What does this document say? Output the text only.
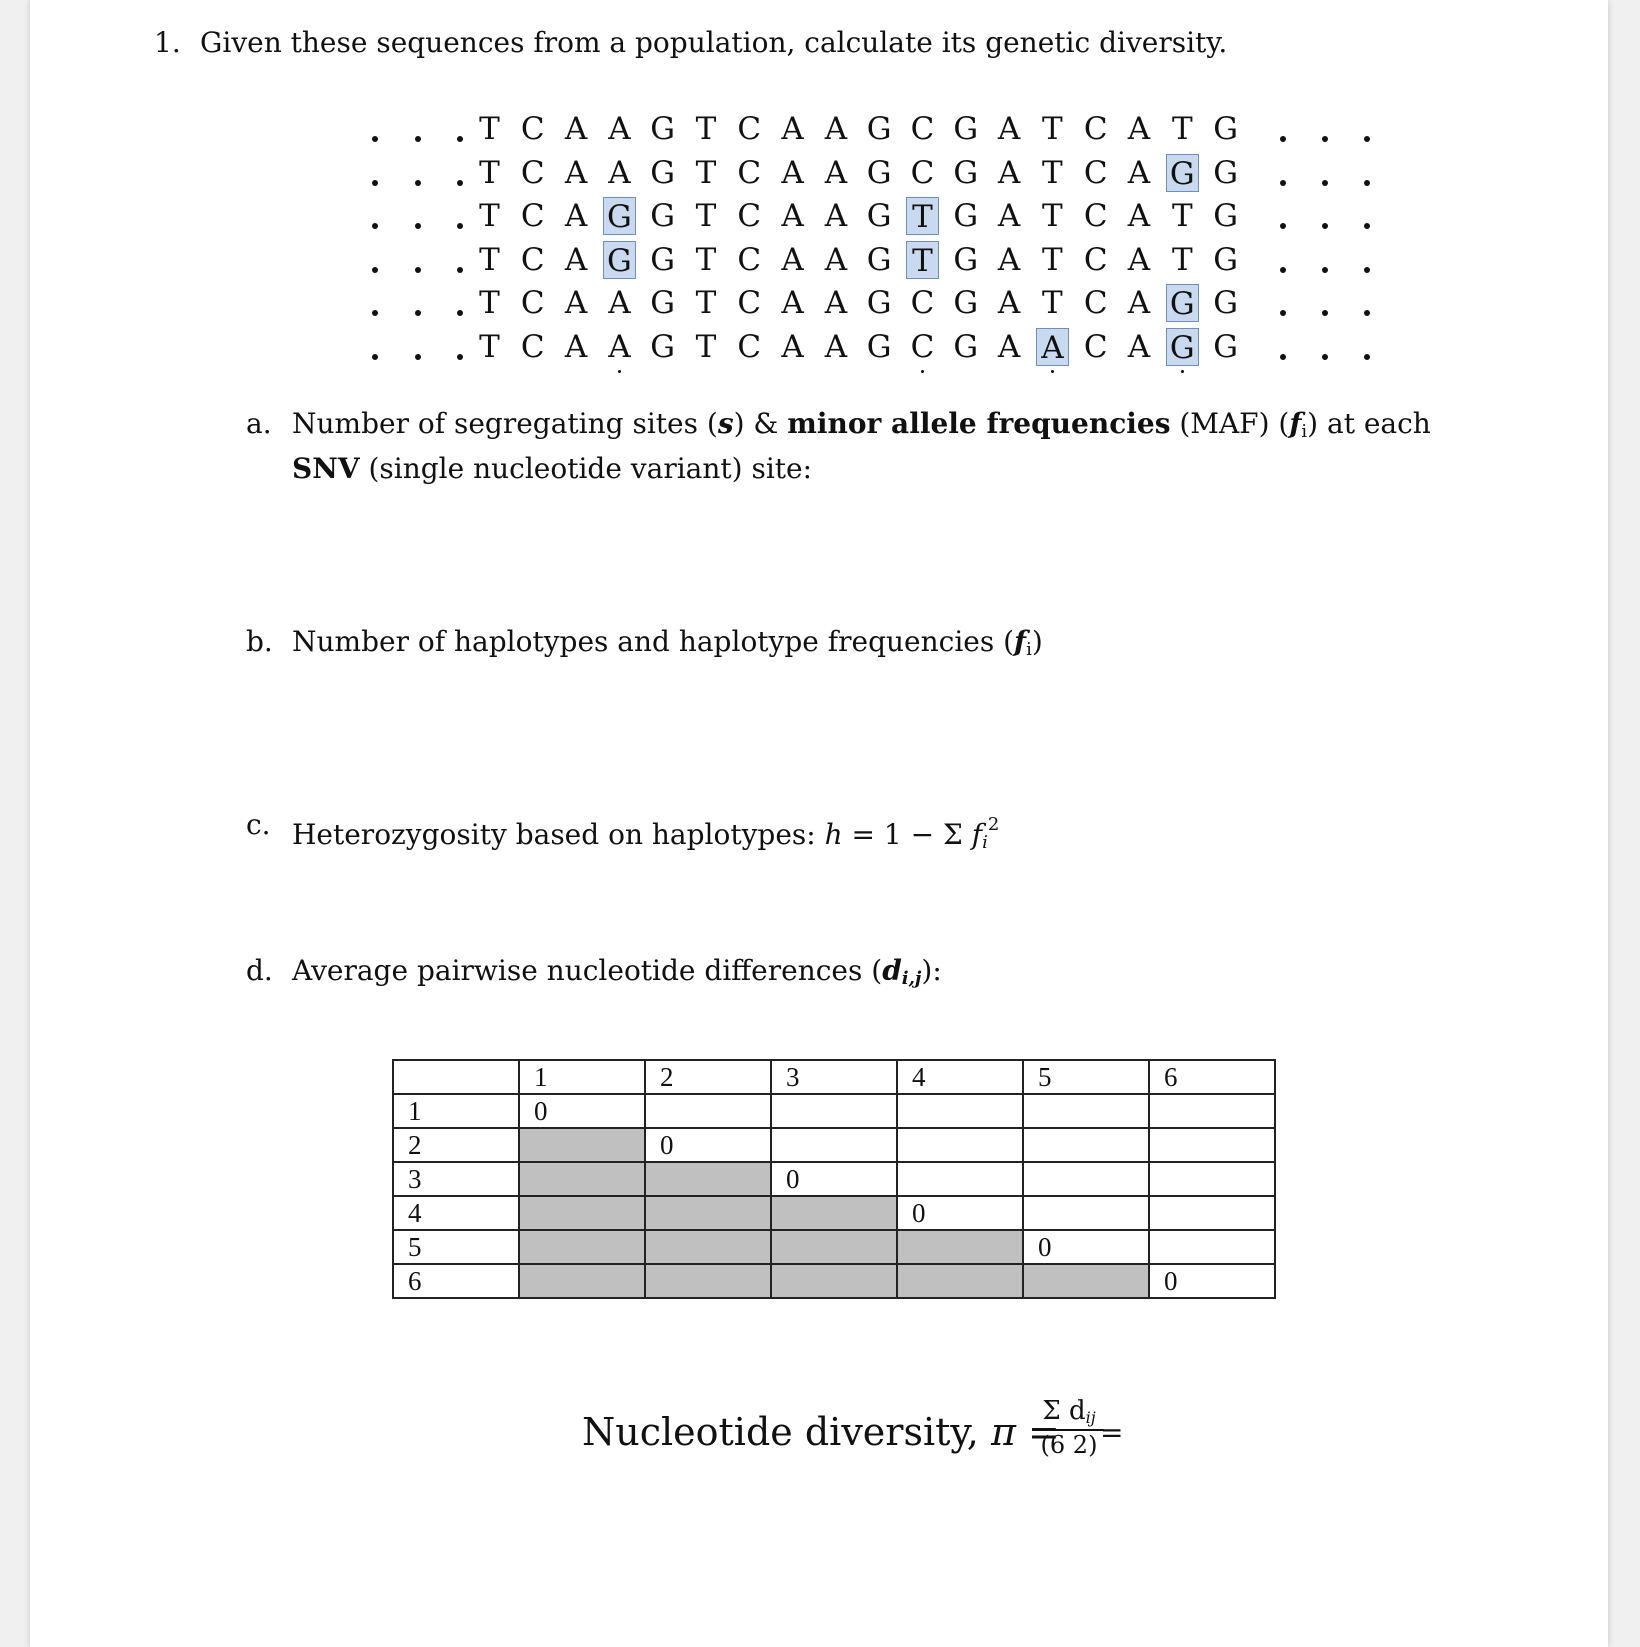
1. Given these sequences from a population, calculate its genetic diversity.
T C A A G T C A A G C G A T C A T G
T C A A G T C A A G C G A T C A G G
T C A G G T C A A G T G A T C A T G
T C A G G T C A A G T G A T C A T G
T C A A G T C A A G C G A T C A G G
T C A A G T C A A G C G A A C A G G
a. Number of segregating sites (s) & minor allele frequencies (MAF) $(f_i)$ at each SNV (single nucleotide variant) site:
b. Number of haplotypes and haplotype frequencies $(f_i)$
c. Heterozygosity based on haplotypes: h = 1 − Σ $f_i^2$
d. Average pairwise nucleotide differences $(d_{i,j})$:
	1	2	3	4	5	6
1	0					
2		0				
3			0			
4				0		
5					0	
6						0
Nucleotide diversity, π =
Σ $d_{ij}$
(6 2) =
